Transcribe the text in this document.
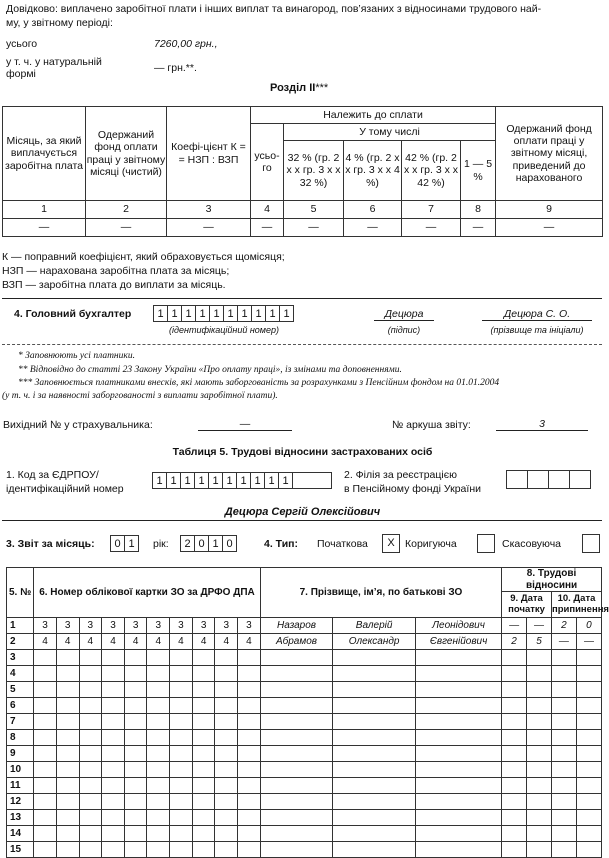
Довідково: виплачено заробітної плати і інших виплат та винагород, пов’язаних з відносинами трудового най-
му, у звітному періоді:
усього	7260,00 грн.,
у т. ч. у натуральній
формі	— грн.**.
Розділ ІІ***
Місяць, за який виплачується заробітна плата	Одержаний фонд оплати праці у звітному місяці (чистий)	Коефі-цієнт К = = НЗП : ВЗП	Належить до сплати					Одержаний фонд оплати праці у звітному місяці, приведений до нарахованого
			усьо-го	У тому числі				
				32 % (гр. 2 х х гр. 3 х х 32 %)	4 % (гр. 2 х х гр. 3 х х 4 %)	42 % (гр. 2 х х гр. 3 х х 42 %)	1 — 5 %	
1	2	3	4	5	6	7	8	9
—	—	—	—	—	—	—	—	—
К — поправний коефіцієнт, який обраховується щомісяця;
НЗП — нарахована заробітна плата за місяць;
ВЗП — заробітна плата до виплати за місяць.
4. Головний бухгалтер	1 1 1 1 1 1 1 1 1 1
(ідентифікаційний номер)
Децюра
(підпис)
Децюра С. О.
(прізвище та ініціали)
* Заповнюють усі платники.
** Відповідно до статті 23 Закону України «Про оплату праці», із змінами та доповненнями.
*** Заповнюється платниками внесків, які мають заборгованість за розрахунками з Пенсійним фондом на 01.01.2004
(у т. ч. і за наявності заборгованості з виплати заробітної плати).
Вихідний № у страхувальника:	—	№ аркуша звіту:	3
Таблиця 5. Трудові відносини застрахованих осіб
1. Код за ЄДРПОУ/
ідентифікаційний номер
1 1 1 1 1 1 1 1 1 1	2. Філія за реєстрацією
в Пенсійному фонді України
Децюра Сергій Олексійович
3. Звіт за місяць:	0 1	рік:	2 0 1 0	4. Тип: Початкова	X Коригуюча	Скасовуюча
5. №	6. Номер облікової картки ЗО за ДРФО ДПА										7. Прізвище, ім’я, по батькові ЗО			8. Трудові відносини			
														9. Дата початку		10. Дата припинення	
1	3	3	3	3	3	3	3	3	3	3	Назаров	Валерій	Леонідович	—	—	2	0
2	4	4	4	4	4	4	4	4	4	4	Абрамов	Олександр	Євгенійович	2	5	—	—
3																	
4																	
5																	
6																	
7																	
8																	
9																	
10																	
11																	
12																	
13																	
14																	
15																	
